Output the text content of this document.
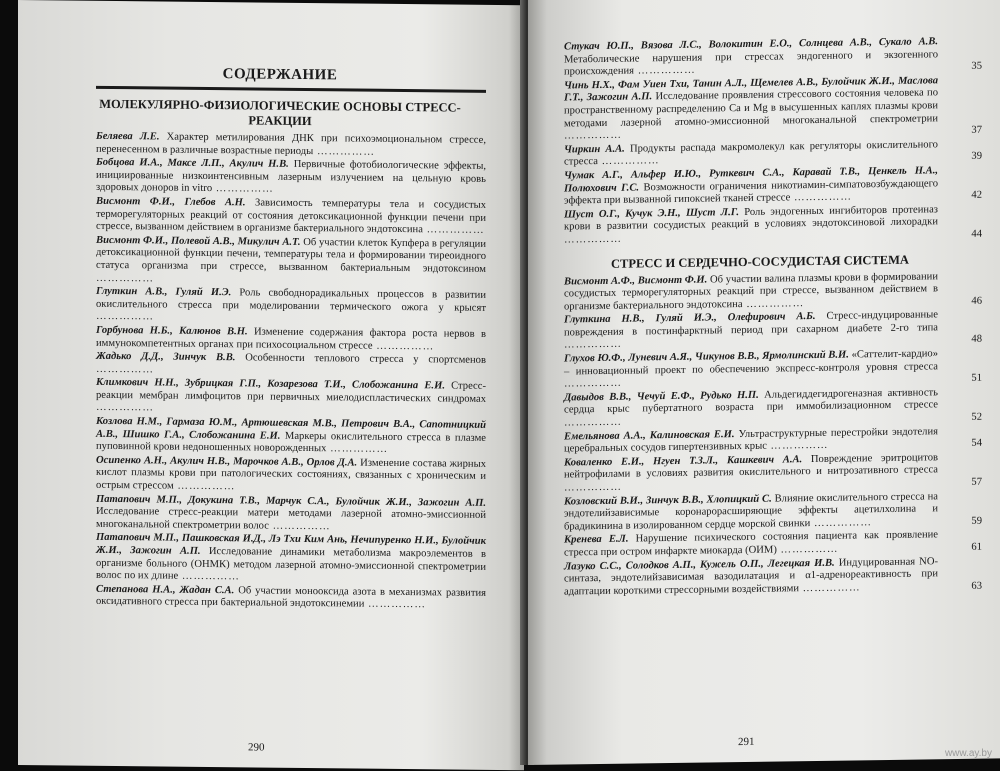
СОДЕРЖАНИЕ
МОЛЕКУЛЯРНО-ФИЗИОЛОГИЧЕСКИЕ ОСНОВЫ СТРЕСС-РЕАКЦИИ
Беляева Л.Е. Характер метилирования ДНК при психоэмоциональном стрессе, перенесенном в различные возрастные периоды ……………
Бобцова И.А., Максе Л.П., Акулич Н.В. Первичные фотобиологические эффекты, инициированные низкоинтенсивным лазерным излучением на цельную кровь здоровых доноров in vitro ……………
Висмонт Ф.И., Глебов А.Н. Зависимость температуры тела и сосудистых терморегуляторных реакций от состояния детоксикационной функции печени при стрессе, вызванном действием в организме бактериального эндотоксина ……………
Висмонт Ф.И., Полевой А.В., Микулич А.Т. Об участии клеток Купфера в регуляции детоксикационной функции печени, температуры тела и формировании тиреоидного статуса организма при стрессе, вызванном бактериальным эндотоксином ……………
Глуткин А.В., Гуляй И.Э. Роль свободнорадикальных процессов в развитии окислительного стресса при моделировании термического ожога у крысят ……………
Горбунова Н.Б., Калюнов В.Н. Изменение содержания фактора роста нервов в иммунокомпетентных органах при психосоциальном стрессе ……………
Жадько Д.Д., Зинчук В.В. Особенности теплового стресса у спортсменов ……………
Климкович Н.Н., Зубрицкая Г.П., Козарезова Т.И., Слобожанина Е.И. Стресс-реакции мембран лимфоцитов при первичных миелодиспластических синдромах ……………
Козлова Н.М., Гармаза Ю.М., Артюшевская М.В., Петрович В.А., Сапотницкий А.В., Шишко Г.А., Слобожанина Е.И. Маркеры окислительного стресса в плазме пуповинной крови недоношенных новорожденных ……………
Осипенко А.Н., Акулич Н.В., Марочков А.В., Орлов Д.А. Изменение состава жирных кислот плазмы крови при патологических состояниях, связанных с хроническим и острым стрессом ……………
Патапович М.П., Докукина Т.В., Марчук С.А., Булойчик Ж.И., Зажогин А.П. Исследование стресс-реакции матери методами лазерной атомно-эмиссионной многоканальной спектрометрии волос ……………
Патапович М.П., Пашковская И.Д., Лэ Тхи Ким Ань, Нечипуренко Н.И., Булойчик Ж.И., Зажогин А.П. Исследование динамики метаболизма макроэлементов в организме больного (ОНМК) методом лазерной атомно-эмиссионной спектрометрии волос по их длине ……………
Степанова Н.А., Жадан С.А. Об участии монооксида азота в механизмах развития оксидативного стресса при бактериальной эндотоксинемии ……………
290
Стукач Ю.П., Вязова Л.С., Волокитин Е.О., Солнцева А.В., Сукало А.В. Метаболические нарушения при стрессах эндогенного и экзогенного происхождения ……………	35
Чинь Н.Х., Фам Уиен Тхи, Танин А.Л., Щемелев А.В., Булойчик Ж.И., Маслова Г.Т., Зажогин А.П. Исследование проявления стрессового состояния человека по пространственному распределению Ca и Mg в высушенных каплях плазмы крови методами лазерной атомно-эмиссионной многоканальной спектрометрии ……………	37
Чиркин А.А. Продукты распада макромолекул как регуляторы окислительного стресса ……………	39
Чумак А.Г., Альфер И.Ю., Руткевич С.А., Каравай Т.В., Ценкель Н.А., Полюхович Г.С. Возможности ограничения никотиамин-симпатовозбуждающего эффекта при вызванной гипоксией тканей стрессе ……………	42
Шуст О.Г., Кучук Э.Н., Шуст Л.Г. Роль эндогенных ингибиторов протеиназ крови в развитии сосудистых реакций в условиях эндотоксиновой лихорадки ……………	44
СТРЕСС И СЕРДЕЧНО-СОСУДИСТАЯ СИСТЕМА
Висмонт А.Ф., Висмонт Ф.И. Об участии валина плазмы крови в формировании сосудистых терморегуляторных реакций при стрессе, вызванном действием в организме бактериального эндотоксина ……………	46
Глуткина Н.В., Гуляй И.Э., Олефирович А.Б. Стресс-индуцированные повреждения в постинфарктный период при сахарном диабете 2-го типа ……………	48
Глухов Ю.Ф., Луневич А.Я., Чикунов В.В., Ярмолинский В.И. «Саттелит-кардио» – инновационный проект по обеспечению экспресс-контроля уровня стресса ……………	51
Давыдов В.В., Чечуй Е.Ф., Рудько Н.П. Альдегиддегидрогеназная активность сердца крыс пубертатного возраста при иммобилизационном стрессе ……………	52
Емельянова А.А., Калиновская Е.И. Ультраструктурные перестройки эндотелия церебральных сосудов гипертензивных крыс ……………	54
Коваленко Е.И., Нгуен Т.З.Л., Кашкевич А.А. Повреждение эритроцитов нейтрофилами в условиях развития окислительного и нитрозативного стресса ……………	57
Козловский В.И., Зинчук В.В., Хлопицкий С. Влияние окислительного стресса на эндотелийзависимые коронарорасширяющие эффекты ацетилхолина и брадикинина в изолированном сердце морской свинки ……………	59
Кренева Е.Л. Нарушение психического состояния пациента как проявление стресса при остром инфаркте миокарда (ОИМ) ……………	61
Лазуко С.С., Солодков А.П., Кужель О.П., Легецкая И.В. Индуцированная NO-синтаза, эндотелийзависимая вазодилатация и α1-адренореактивность при адаптации короткими стрессорными воздействиями ……………	63
291
www.ay.by
